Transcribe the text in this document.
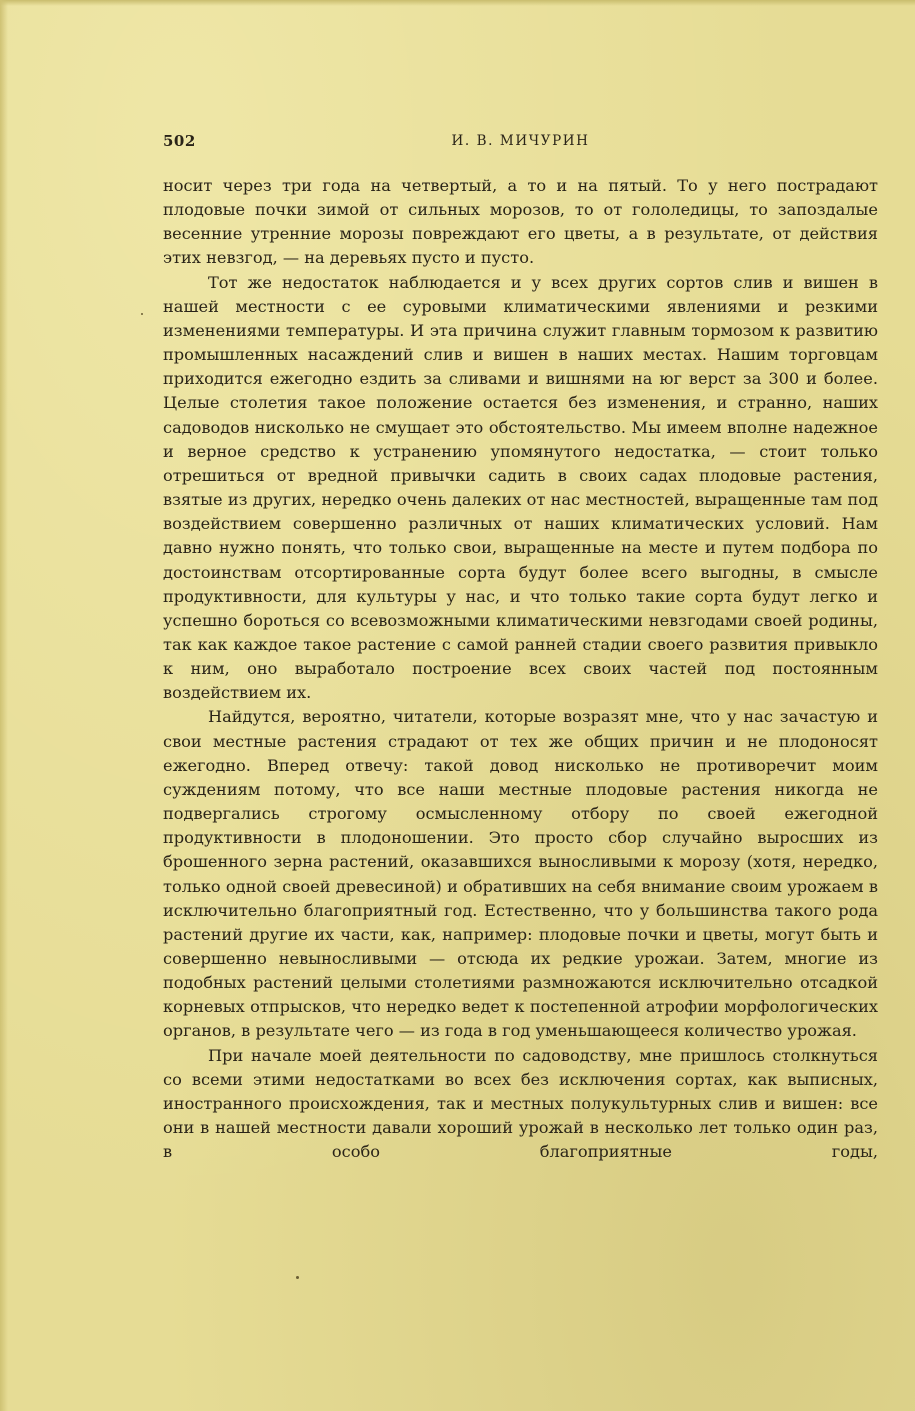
502	И. В. МИЧУРИН

носит через три года на четвертый, а то и на пятый. То у него пострадают плодовые почки зимой от сильных морозов, то от гололедицы, то запоздалые весенние утренние морозы повреждают его цветы, а в результате, от действия этих невзгод, — на деревьях пусто и пусто.

Тот же недостаток наблюдается и у всех других сортов слив и вишен в нашей местности с ее суровыми климатическими явлениями и резкими изменениями температуры. И эта причина служит главным тормозом к развитию промышленных насаждений слив и вишен в наших местах. Нашим торговцам приходится ежегодно ездить за сливами и вишнями на юг верст за 300 и более. Целые столетия такое положение остается без изменения, и странно, наших садоводов нисколько не смущает это обстоятельство. Мы имеем вполне надежное и верное средство к устранению упомянутого недостатка, — стоит только отрешиться от вредной привычки садить в своих садах плодовые растения, взятые из других, нередко очень далеких от нас местностей, выращенные там под воздействием совершенно различных от наших климатических условий. Нам давно нужно понять, что только свои, выращенные на месте и путем подбора по достоинствам отсортированные сорта будут более всего выгодны, в смысле продуктивности, для культуры у нас, и что только такие сорта будут легко и успешно бороться со всевозможными климатическими невзгодами своей родины, так как каждое такое растение с самой ранней стадии своего развития привыкло к ним, оно выработало построение всех своих частей под постоянным воздействием их.

Найдутся, вероятно, читатели, которые возразят мне, что у нас зачастую и свои местные растения страдают от тех же общих причин и не плодоносят ежегодно. Вперед отвечу: такой довод нисколько не противоречит моим суждениям потому, что все наши местные плодовые растения никогда не подвергались строгому осмысленному отбору по своей ежегодной продуктивности в плодоношении. Это просто сбор случайно выросших из брошенного зерна растений, оказавшихся выносливыми к морозу (хотя, нередко, только одной своей древесиной) и обративших на себя внимание своим урожаем в исключительно благоприятный год. Естественно, что у большинства такого рода растений другие их части, как, например: плодовые почки и цветы, могут быть и совершенно невыносливыми — отсюда их редкие урожаи. Затем, многие из подобных растений целыми столетиями размножаются исключительно отсадкой корневых отпрысков, что нередко ведет к постепенной атрофии морфологических органов, в результате чего — из года в год уменьшающееся количество урожая.

При начале моей деятельности по садоводству, мне пришлось столкнуться со всеми этими недостатками во всех без исключения сортах, как выписных, иностранного происхождения, так и местных полукультурных слив и вишен: все они в нашей местности давали хороший урожай в несколько лет только один раз, в особо благоприятные годы,
